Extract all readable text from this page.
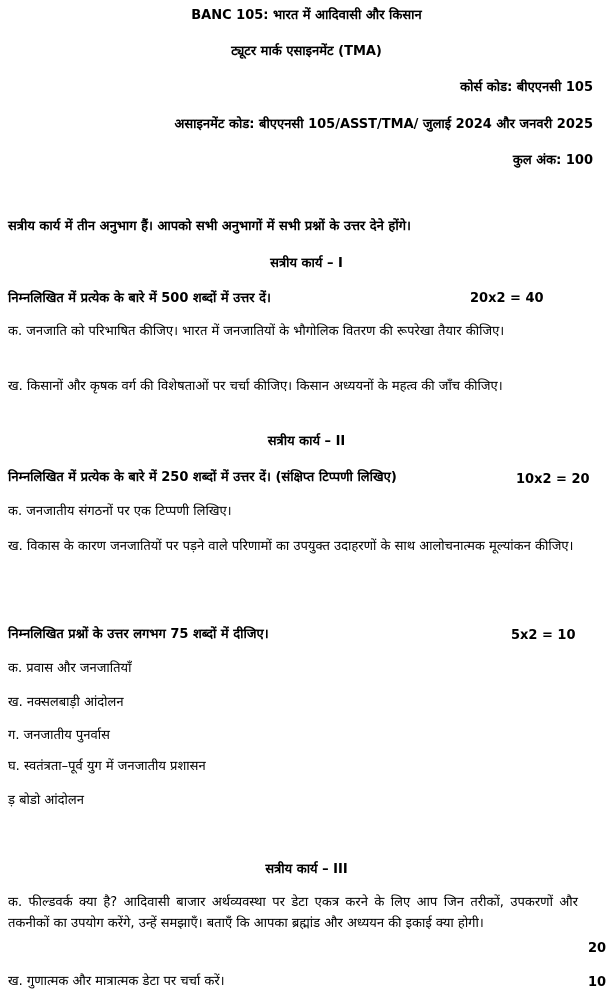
BANC 105: भारत में आदिवासी और किसान
ट्यूटर मार्क एसाइनमेंट (TMA)
कोर्स कोड: बीएएनसी 105
असाइनमेंट कोड: बीएएनसी 105/ASST/TMA/ जुलाई 2024 और जनवरी 2025
कुल अंक: 100
सत्रीय कार्य में तीन अनुभाग हैं। आपको सभी अनुभागों में सभी प्रश्नों के उत्तर देने होंगे।
सत्रीय कार्य – I
निम्नलिखित में प्रत्येक के बारे में 500 शब्दों में उत्तर दें।	20x2 = 40
क. जनजाति को परिभाषित कीजिए। भारत में जनजातियों के भौगोलिक वितरण की रूपरेखा तैयार कीजिए।
ख. किसानों और कृषक वर्ग की विशेषताओं पर चर्चा कीजिए। किसान अध्ययनों के महत्व की जाँच कीजिए।
सत्रीय कार्य – II
निम्नलिखित में प्रत्येक के बारे में 250 शब्दों में उत्तर दें। (संक्षिप्त टिप्पणी लिखिए)	10x2 = 20
क. जनजातीय संगठनों पर एक टिप्पणी लिखिए।
ख. विकास के कारण जनजातियों पर पड़ने वाले परिणामों का उपयुक्त उदाहरणों के साथ आलोचनात्मक मूल्यांकन कीजिए।
निम्नलिखित प्रश्नों के उत्तर लगभग 75 शब्दों में दीजिए।	5x2 = 10
क. प्रवास और जनजातियाँ
ख. नक्सलबाड़ी आंदोलन
ग. जनजातीय पुनर्वास
घ. स्वतंत्रता–पूर्व युग में जनजातीय प्रशासन
ड़ बोडो आंदोलन
सत्रीय कार्य – III
क. फील्डवर्क क्या है? आदिवासी बाजार अर्थव्यवस्था पर डेटा एकत्र करने के लिए आप जिन तरीकों, उपकरणों और तकनीकों का उपयोग करेंगे, उन्हें समझाएँ। बताएँ कि आपका ब्रह्मांड और अध्ययन की इकाई क्या होगी।
20
ख. गुणात्मक और मात्रात्मक डेटा पर चर्चा करें।	10
